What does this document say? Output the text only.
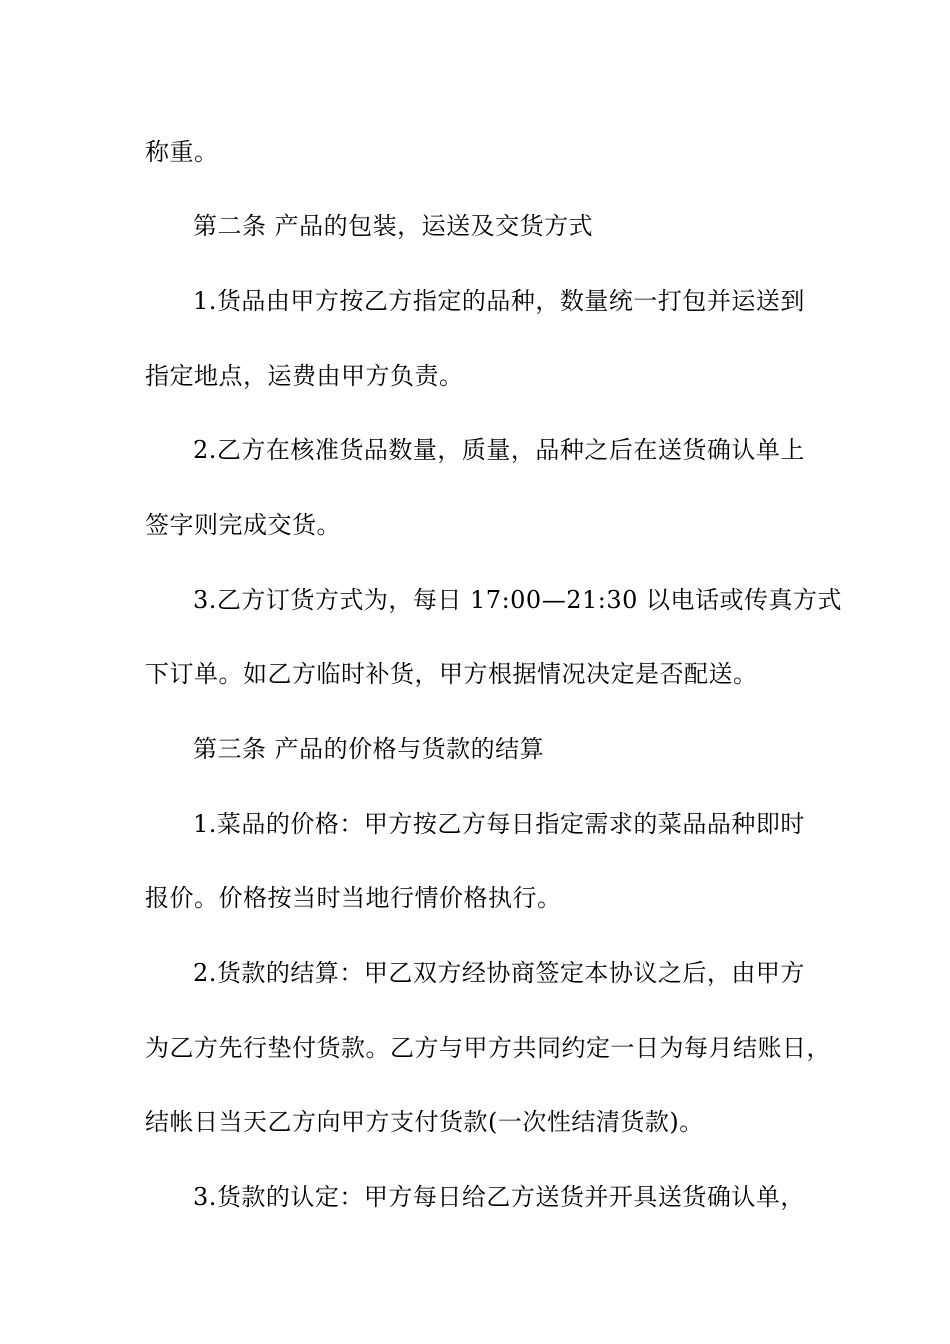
称重。
第二条 产品的包装，运送及交货方式
1.货品由甲方按乙方指定的品种，数量统一打包并运送到
指定地点，运费由甲方负责。
2.乙方在核准货品数量，质量，品种之后在送货确认单上
签字则完成交货。
3.乙方订货方式为，每日 17:00—21:30 以电话或传真方式
下订单。如乙方临时补货，甲方根据情况决定是否配送。
第三条 产品的价格与货款的结算
1.菜品的价格：甲方按乙方每日指定需求的菜品品种即时
报价。价格按当时当地行情价格执行。
2.货款的结算：甲乙双方经协商签定本协议之后，由甲方
为乙方先行垫付货款。乙方与甲方共同约定一日为每月结账日，
结帐日当天乙方向甲方支付货款(一次性结清货款)。
3.货款的认定：甲方每日给乙方送货并开具送货确认单，
